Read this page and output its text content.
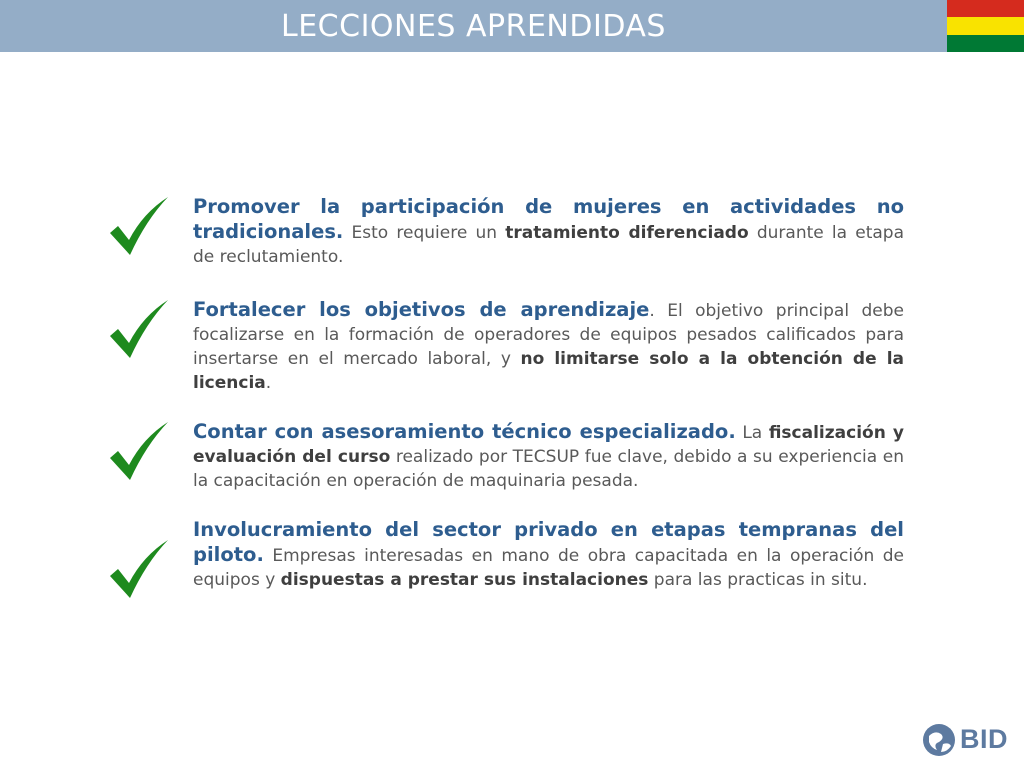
LECCIONES APRENDIDAS
Promover la participación de mujeres en actividades no tradicionales. Esto requiere un tratamiento diferenciado durante la etapa de reclutamiento.
Fortalecer los objetivos de aprendizaje. El objetivo principal debe focalizarse en la formación de operadores de equipos pesados calificados para insertarse en el mercado laboral, y no limitarse solo a la obtención de la licencia.
Contar con asesoramiento técnico especializado. La fiscalización y evaluación del curso realizado por TECSUP fue clave, debido a su experiencia en la capacitación en operación de maquinaria pesada.
Involucramiento del sector privado en etapas tempranas del piloto. Empresas interesadas en mano de obra capacitada en la operación de equipos y dispuestas a prestar sus instalaciones para las practicas in situ.
BID
